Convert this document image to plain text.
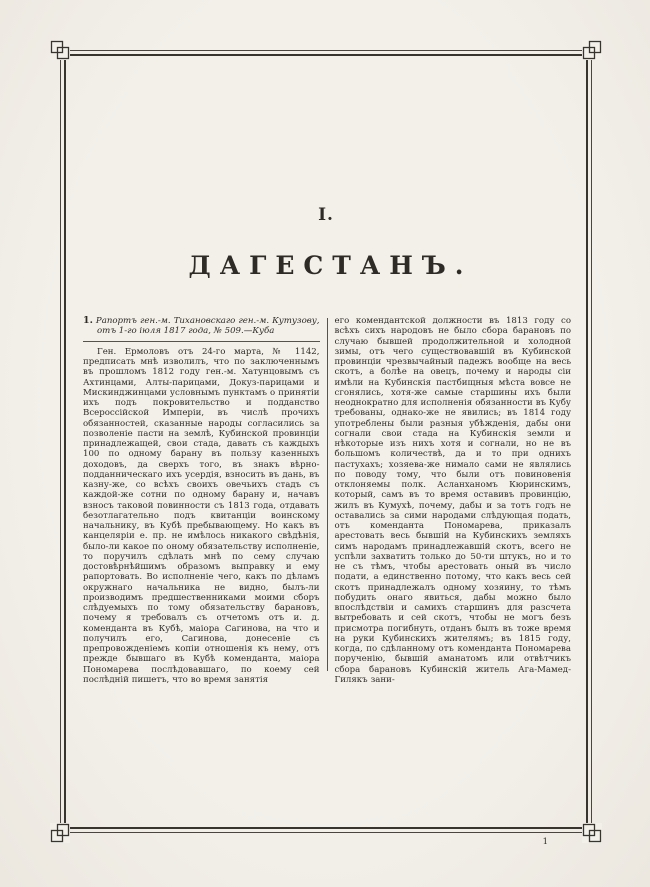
I.
ДАГЕСТАНЪ.
1. Рапортъ ген.-м. Тихановскаго ген.-м. Кутузову, отъ 1-го іюля 1817 года, № 509.—Куба

Ген. Ермоловъ отъ 24-го марта, № 1142, предписать мнѣ изволилъ, что по заключеннымъ въ прошломъ 1812 году ген.-м. Хатунцовымъ съ Ахтинцами, Алты-парицами, Докуз-парицами и Мискинджинцами условнымъ пунктамъ о принятіи ихъ подъ покровительство и подданство Всероссійской Имперіи, въ числѣ прочихъ обязанностей, сказанные народы согласились за позволеніе пасти на землѣ, Кубинской провинціи принадлежащей, свои стада, давать съ каждыхъ 100 по одному барану въ пользу казенныхъ доходовъ, да сверхъ того, въ знакъ вѣрно-подданническаго ихъ усердія, взносить въ дань, въ казну-же, со всѣхъ своихъ овечьихъ стадъ съ каждой-же сотни по одному барану и, начавъ взносъ таковой повинности съ 1813 года, отдавать безотлагательно подъ квитанціи воинскому начальнику, въ Кубѣ пребывающему. Но какъ въ канцеляріи е. пр. не имѣлось никакого свѣдѣнія, было-ли какое по оному обязательству исполненіе, то поручилъ сдѣлать мнѣ по сему случаю достовѣрнѣйшимъ образомъ выправку и ему рапортовать. Во исполненіе чего, какъ по дѣламъ окружнаго начальника не видно, былъ-ли производимъ предшественниками моими сборъ слѣдуемыхъ по тому обязательству барановъ, почему я требовалъ съ отчетомъ отъ и. д. коменданта въ Кубѣ, маіора Сагинова, на что и получилъ его, Сагинова, донесеніе съ препровожденіемъ копіи отношенія къ нему, отъ прежде бывшаго въ Кубѣ коменданта, маіора Пономарева послѣдовавшаго, по коему сей послѣдній пишетъ, что во время занятія

его комендантской должности въ 1813 году со всѣхъ сихъ народовъ не было сбора барановъ по случаю бывшей продолжительной и холодной зимы, отъ чего существовавшій въ Кубинской провинціи чрезвычайный падежъ вообще на весь скотъ, а болѣе на овецъ, почему и народы сіи имѣли на Кубинскія пастбищныя мѣста вовсе не сгонялись, хотя-же самые старшины ихъ были неоднократно для исполненія обязанности въ Кубу требованы, однако-же не явились; въ 1814 году употреблены были разныя убѣжденія, дабы они согнали свои стада на Кубинскія земли и нѣкоторые изъ нихъ хотя и согнали, но не въ большомъ количествѣ, да и то при однихъ пастухахъ; хозяева-же нимало сами не являлись по поводу тому, что были отъ повиновенія отклоняемы полк. Асланханомъ Кюринскимъ, который, самъ въ то время оставивъ провинцію, жилъ въ Кумухѣ, почему, дабы и за тотъ годъ не оставались за сими народами слѣдующая подать, отъ коменданта Пономарева, приказалъ арестовать весь бывшій на Кубинскихъ земляхъ симъ народамъ принадлежавшій скотъ, всего не успѣли захватить только до 50-ти штукъ, но и то не съ тѣмъ, чтобы арестовать оный въ число подати, а единственно потому, что какъ весь сей скотъ принадлежалъ одному хозяину, то тѣмъ побудить онаго явиться, дабы можно было впослѣдствіи и самихъ старшинъ для разсчета вытребовать и сей скотъ, чтобы не могъ безъ присмотра погибнуть, отданъ былъ въ тоже время на руки Кубинскихъ жителямъ; въ 1815 году, когда, по сдѣланному отъ коменданта Пономарева порученію, бывшій аманатомъ или отвѣтчикъ сбора барановъ Кубинскій житель Ага-Мамед-Гилякъ зани-

1
